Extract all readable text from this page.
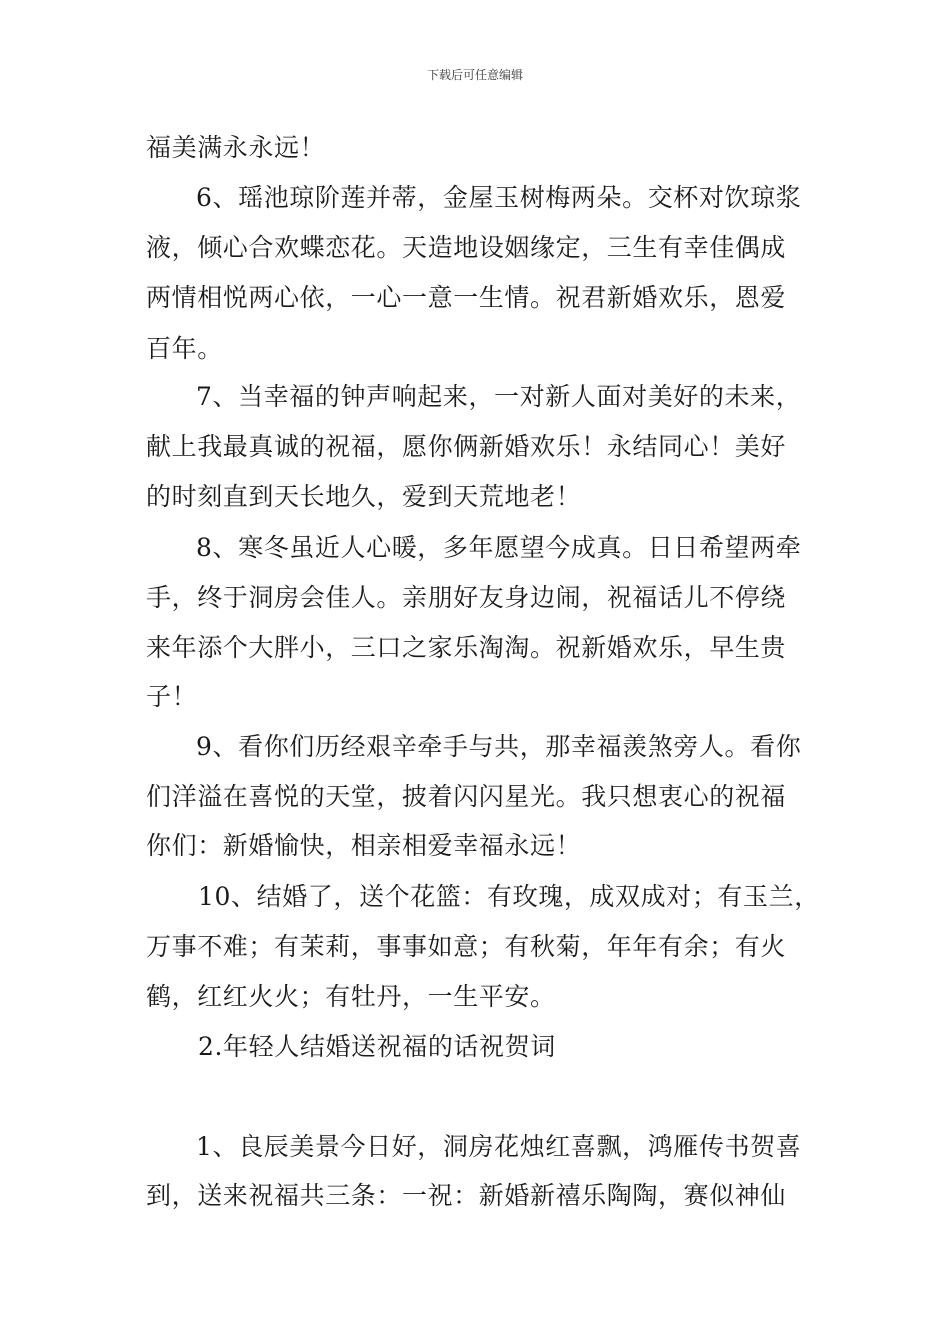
下载后可任意编辑
福美满永永远！
6、瑶池琼阶莲并蒂，金屋玉树梅两朵。交杯对饮琼浆
液，倾心合欢蝶恋花。天造地设姻缘定，三生有幸佳偶成
两情相悦两心依，一心一意一生情。祝君新婚欢乐，恩爱
百年。
7、当幸福的钟声响起来，一对新人面对美好的未来，
献上我最真诚的祝福，愿你俩新婚欢乐！永结同心！美好
的时刻直到天长地久，爱到天荒地老！
8、寒冬虽近人心暖，多年愿望今成真。日日希望两牵
手，终于洞房会佳人。亲朋好友身边闹，祝福话儿不停绕
来年添个大胖小，三口之家乐淘淘。祝新婚欢乐，早生贵
子！
9、看你们历经艰辛牵手与共，那幸福羡煞旁人。看你
们洋溢在喜悦的天堂，披着闪闪星光。我只想衷心的祝福
你们：新婚愉快，相亲相爱幸福永远！
10、结婚了，送个花篮：有玫瑰，成双成对；有玉兰，
万事不难；有茉莉，事事如意；有秋菊，年年有余；有火
鹤，红红火火；有牡丹，一生平安。
2.年轻人结婚送祝福的话祝贺词
1、良辰美景今日好，洞房花烛红喜飘，鸿雁传书贺喜
到，送来祝福共三条：一祝：新婚新禧乐陶陶，赛似神仙
